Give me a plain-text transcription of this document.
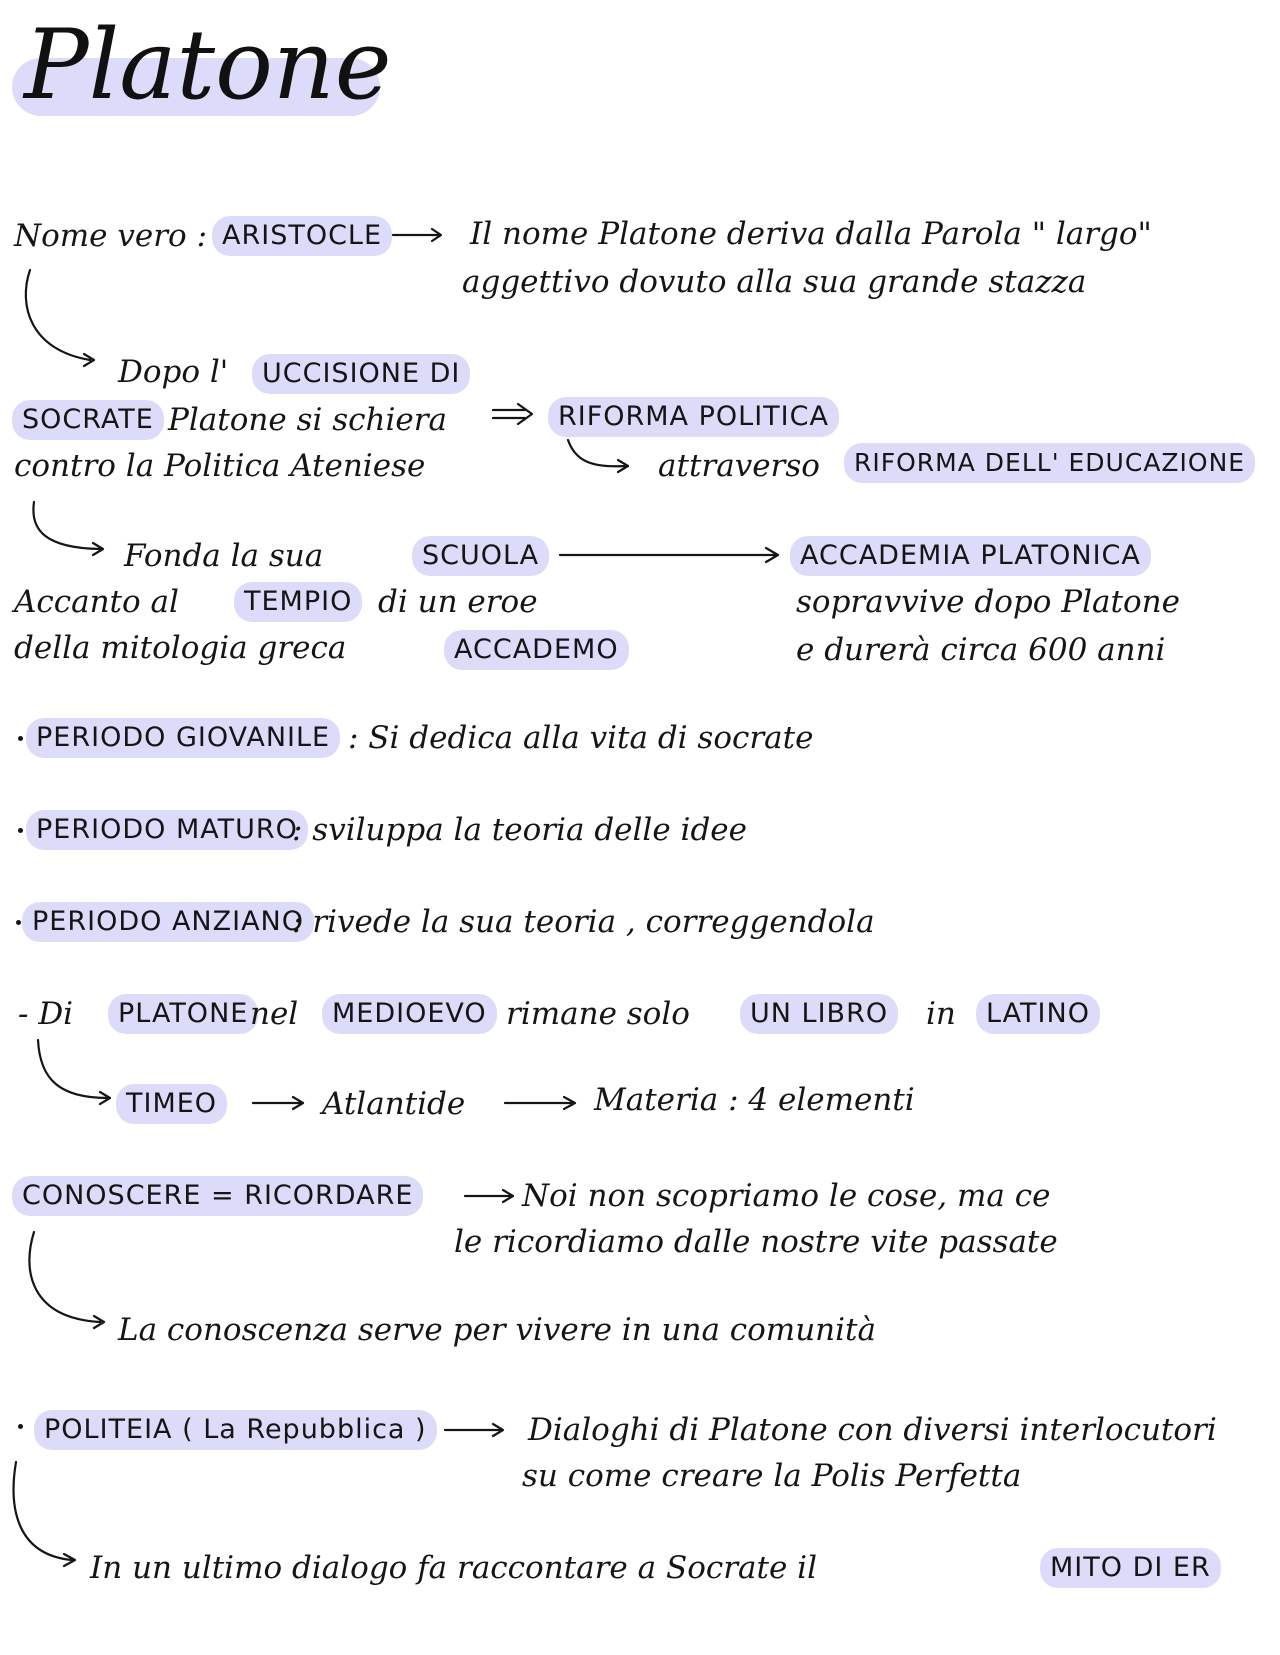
Platone
Nome vero : ARISTOCLE	Il nome Platone deriva dalla Parola " largo"
aggettivo dovuto alla sua grande stazza
Dopo l'	UCCISIONE DI
SOCRATE Platone si schiera
contro la Politica Ateniese
RIFORMA POLITICA
attraverso	RIFORMA DELL' EDUCAZIONE
Fonda la sua	SCUOLA	ACCADEMIA PLATONICA
Accanto al	TEMPIO di un eroe
della mitologia greca	ACCADEMO
sopravvive dopo Platone
e durerà circa 600 anni
PERIODO GIOVANILE : Si dedica alla vita di socrate
PERIODO MATURO
: sviluppa la teoria delle idee
PERIODO ANZIANO
: rivede la sua teoria , correggendola
- Di	PLATONE nel	MEDIOEVO rimane solo	UN LIBRO	in	LATINO
TIMEO	Atlantide	Materia : 4 elementi
CONOSCERE = RICORDARE	Noi non scopriamo le cose, ma ce
le ricordiamo dalle nostre vite passate
La conoscenza serve per vivere in una comunità
POLITEIA ( La Repubblica )	Dialoghi di Platone con diversi interlocutori
su come creare la Polis Perfetta
In un ultimo dialogo fa raccontare a Socrate il	MITO DI ER
